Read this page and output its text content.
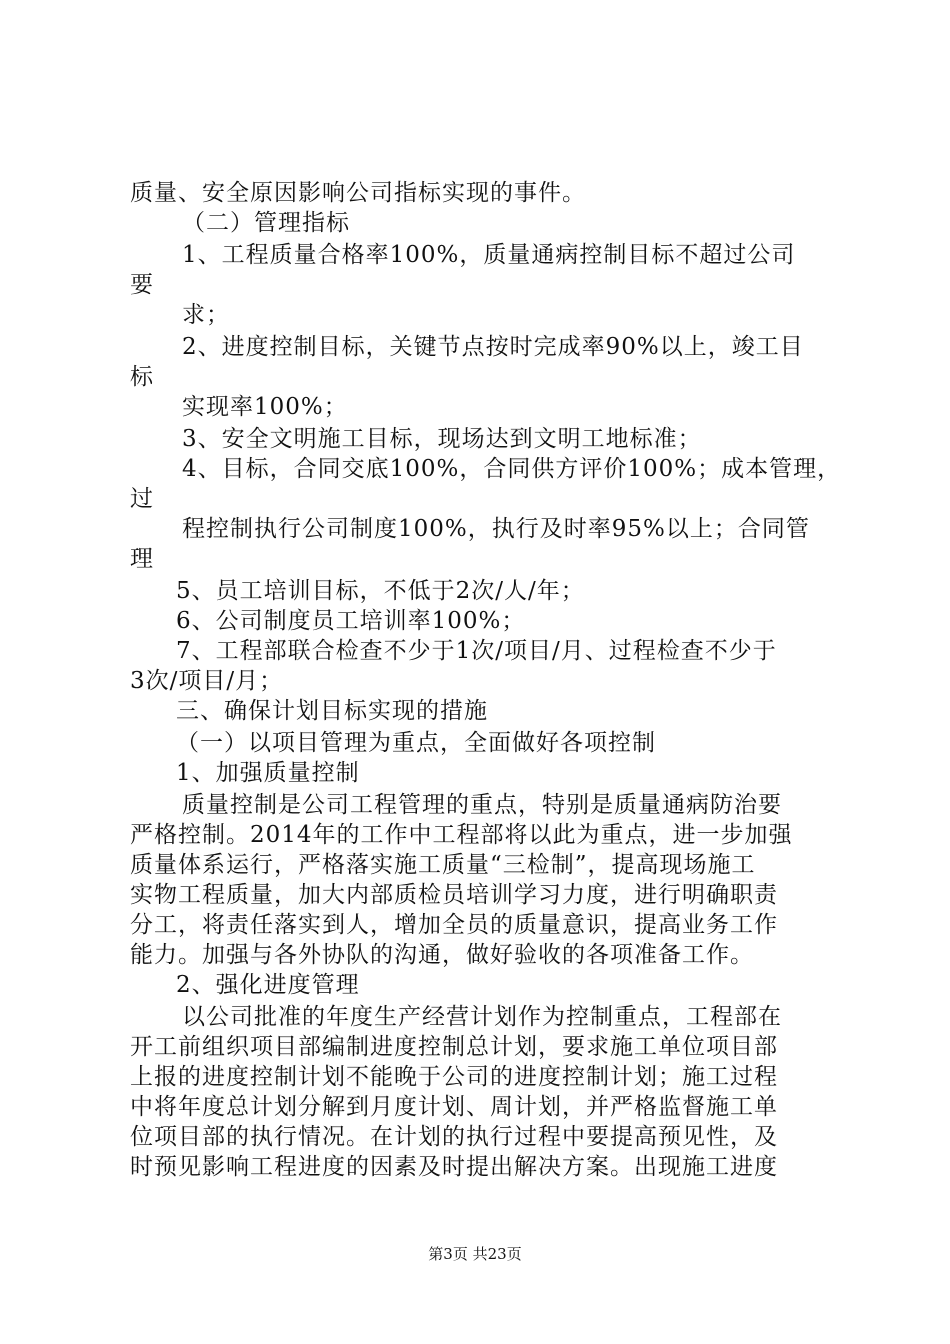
质量、安全原因影响公司指标实现的事件。
（二）管理指标
1、工程质量合格率100%，质量通病控制目标不超过公司
要
求；
2、进度控制目标，关键节点按时完成率90%以上，竣工目
标
实现率100%；
3、安全文明施工目标，现场达到文明工地标准；
4、目标，合同交底100%，合同供方评价100%；成本管理，
过
程控制执行公司制度100%，执行及时率95%以上；合同管
理
5、员工培训目标，不低于2次/人/年；
6、公司制度员工培训率100%；
7、工程部联合检查不少于1次/项目/月、过程检查不少于
3次/项目/月；
三、确保计划目标实现的措施
（一）以项目管理为重点，全面做好各项控制
1、加强质量控制
质量控制是公司工程管理的重点，特别是质量通病防治要
严格控制。2014年的工作中工程部将以此为重点，进一步加强
质量体系运行，严格落实施工质量“三检制”，提高现场施工
实物工程质量，加大内部质检员培训学习力度，进行明确职责
分工，将责任落实到人，增加全员的质量意识，提高业务工作
能力。加强与各外协队的沟通，做好验收的各项准备工作。
2、强化进度管理
以公司批准的年度生产经营计划作为控制重点，工程部在
开工前组织项目部编制进度控制总计划，要求施工单位项目部
上报的进度控制计划不能晚于公司的进度控制计划；施工过程
中将年度总计划分解到月度计划、周计划，并严格监督施工单
位项目部的执行情况。在计划的执行过程中要提高预见性，及
时预见影响工程进度的因素及时提出解决方案。出现施工进度
第3页 共23页
